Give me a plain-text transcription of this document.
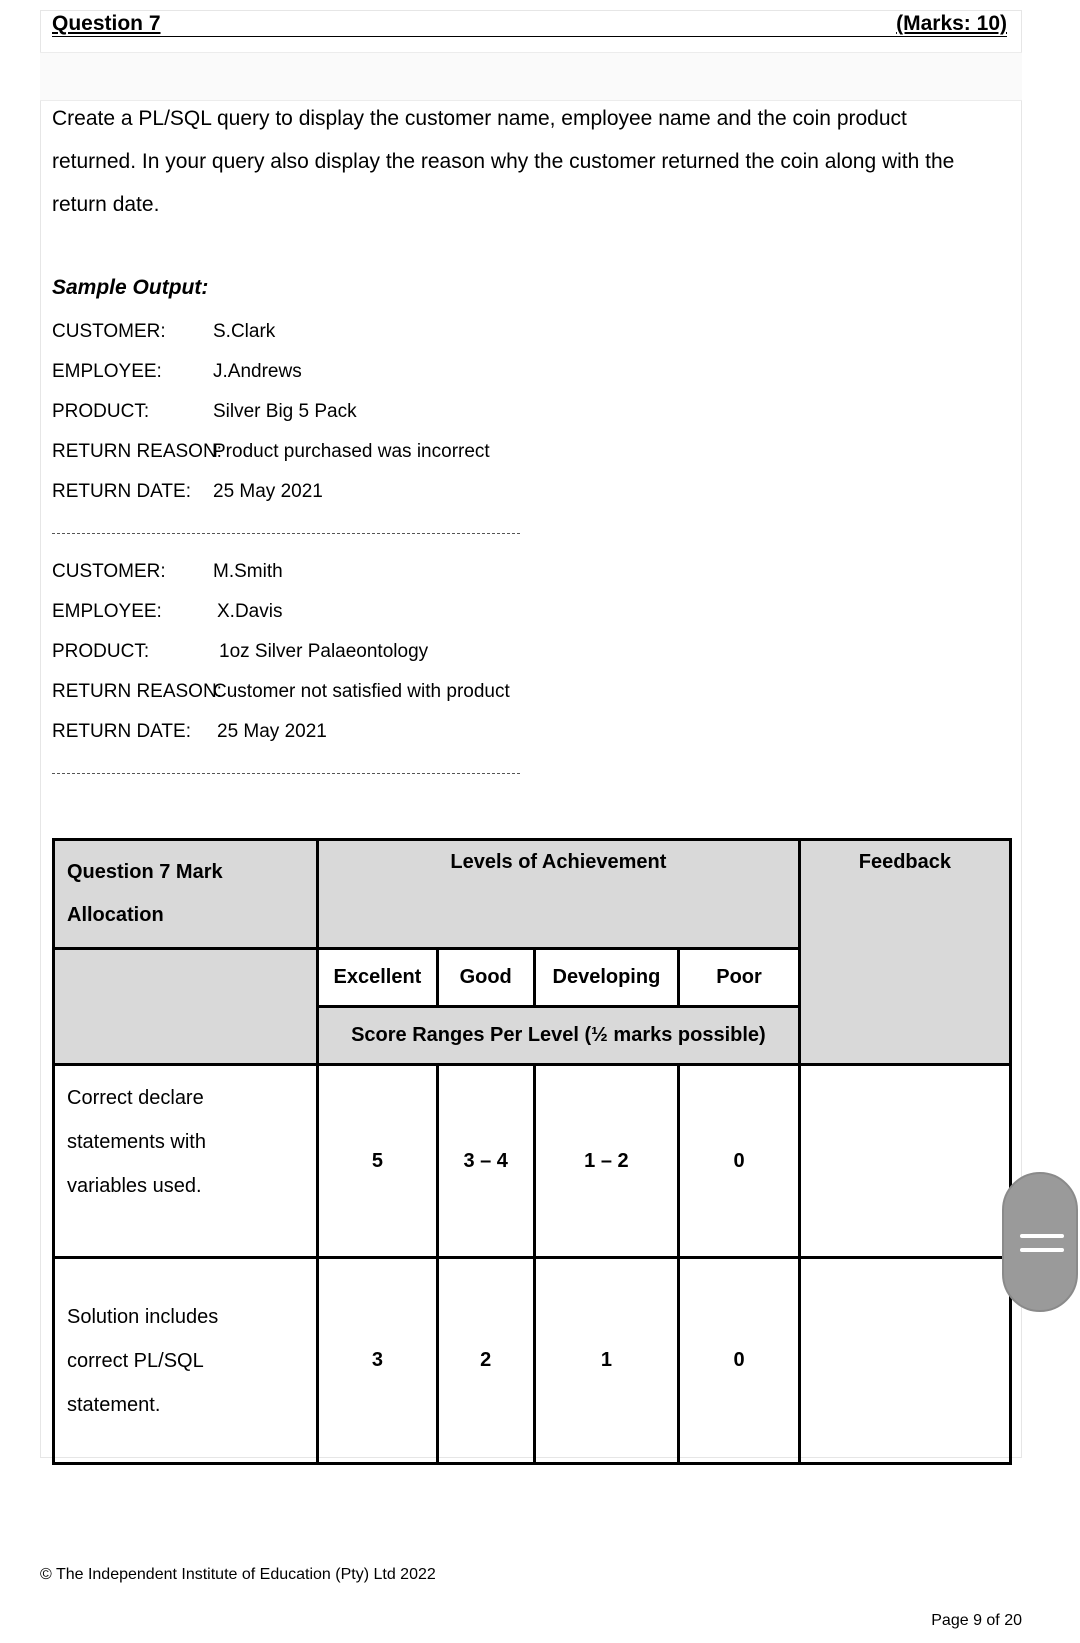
Question 7	(Marks: 10)
Create a PL/SQL query to display the customer name, employee name and the coin product
returned. In your query also display the reason why the customer returned the coin along with the
return date.
Sample Output:
CUSTOMER: S.Clark
EMPLOYEE:	J.Andrews
PRODUCT:	Silver Big 5 Pack
RETURN REASON:
Product purchased was incorrect
RETURN DATE: 25 May 2021
CUSTOMER: M.Smith
EMPLOYEE:	X.Davis
PRODUCT:	1oz Silver Palaeontology
RETURN REASON:
Customer not satisfied with product
RETURN DATE: 25 May 2021
Question 7 Mark
Allocation	Levels of Achievement				Feedback
	Excellent	Good	Developing	Poor	
	Score Ranges Per Level (½ marks possible)				

Correct declare
statements with
variables used.	5	3 – 4	1 – 2	0	

Solution includes
correct PL/SQL
statement.	3	2	1	0	
© The Independent Institute of Education (Pty) Ltd 2022
Page 9 of 20
